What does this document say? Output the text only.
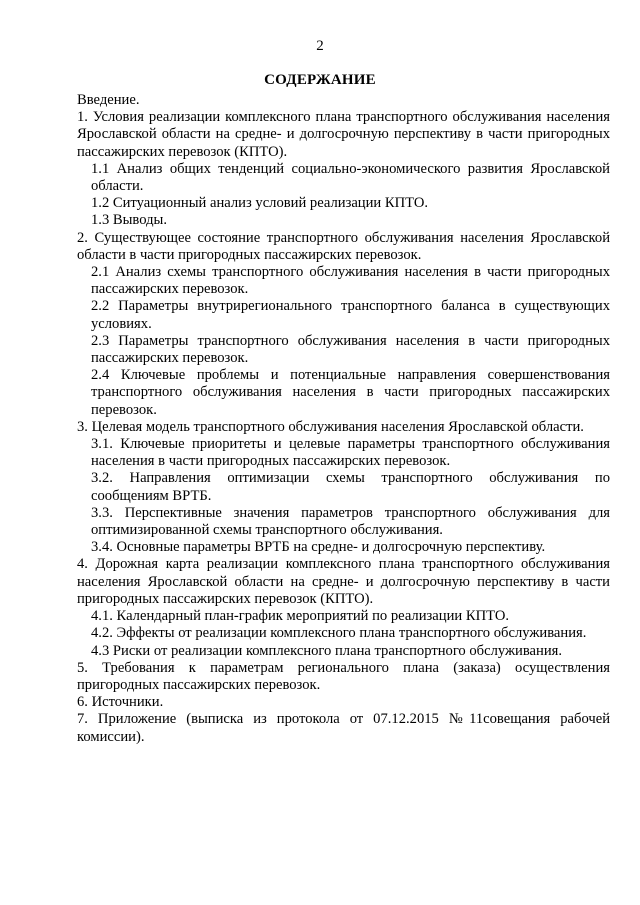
2
СОДЕРЖАНИЕ

Введение.

1. Условия реализации комплексного плана транспортного обслуживания населения Ярославской области на средне- и долгосрочную перспективу в части пригородных пассажирских перевозок (КПТО).

1.1 Анализ общих тенденций социально-экономического развития Ярославской области.

1.2 Ситуационный анализ условий реализации КПТО.

1.3 Выводы.

2. Существующее состояние транспортного обслуживания населения Ярославской области в части пригородных пассажирских перевозок.

2.1 Анализ схемы транспортного обслуживания населения в части пригородных пассажирских перевозок.

2.2 Параметры внутрирегионального транспортного баланса в существующих условиях.

2.3 Параметры транспортного обслуживания населения в части пригородных пассажирских перевозок.

2.4 Ключевые проблемы и потенциальные направления совершенствования транспортного обслуживания населения в части пригородных пассажирских перевозок.

3. Целевая модель транспортного обслуживания населения Ярославской области.

3.1. Ключевые приоритеты и целевые параметры транспортного обслуживания населения в части пригородных пассажирских перевозок.

3.2. Направления оптимизации схемы транспортного обслуживания по сообщениям ВРТБ.

3.3. Перспективные значения параметров транспортного обслуживания для оптимизированной схемы транспортного обслуживания.

3.4. Основные параметры ВРТБ на средне- и долгосрочную перспективу.

4. Дорожная карта реализации комплексного плана транспортного обслуживания населения Ярославской области на средне- и долгосрочную перспективу в части пригородных пассажирских перевозок (КПТО).

4.1. Календарный план-график мероприятий по реализации КПТО.

4.2. Эффекты от реализации комплексного плана транспортного обслуживания.

4.3 Риски от реализации комплексного плана транспортного обслуживания.

5. Требования к параметрам регионального плана (заказа) осуществления пригородных пассажирских перевозок.

6. Источники.

7. Приложение (выписка из протокола от 07.12.2015 №11совещания рабочей комиссии).
